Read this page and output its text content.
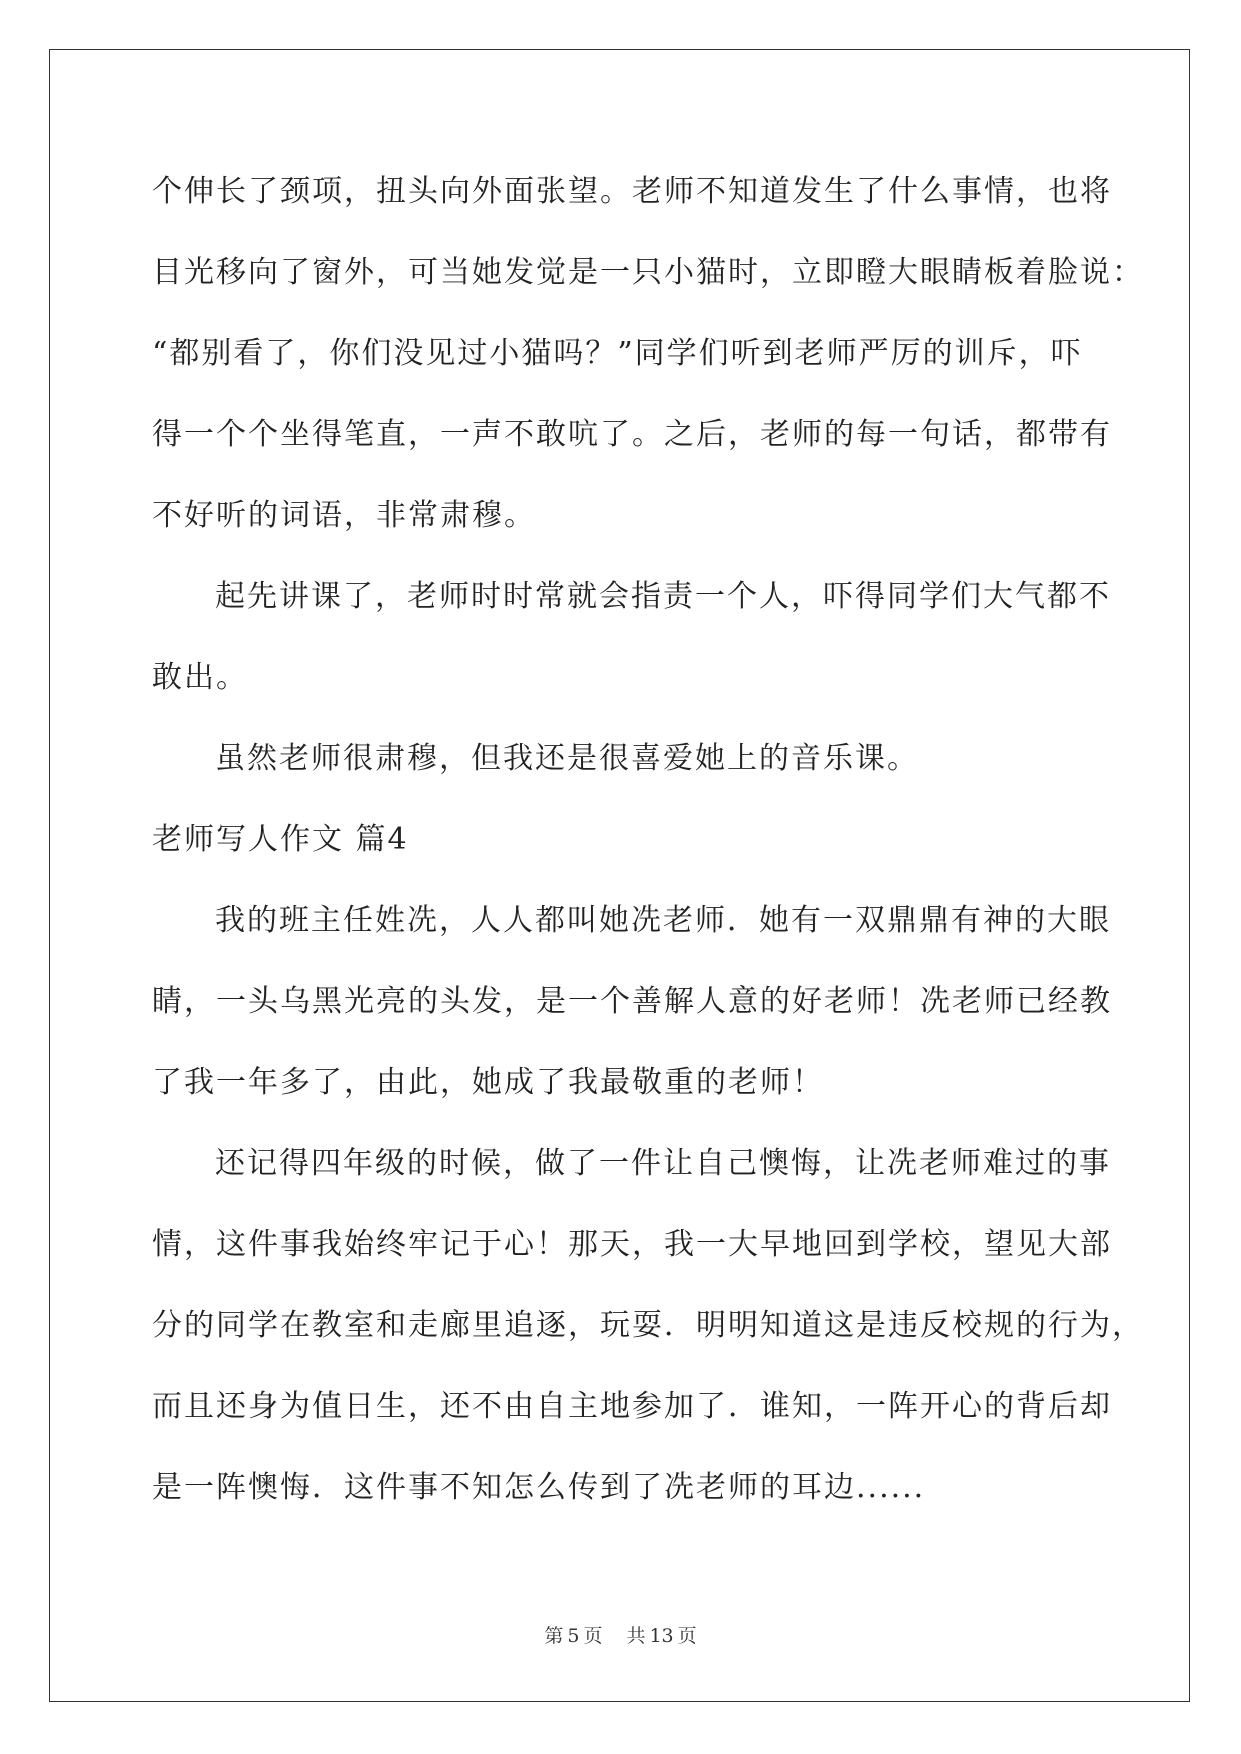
个伸长了颈项，扭头向外面张望。老师不知道发生了什么事情，也将
目光移向了窗外，可当她发觉是一只小猫时，立即瞪大眼睛板着脸说：
“都别看了，你们没见过小猫吗？”同学们听到老师严厉的训斥，吓
得一个个坐得笔直，一声不敢吭了。之后，老师的每一句话，都带有
不好听的词语，非常肃穆。
起先讲课了，老师时时常就会指责一个人，吓得同学们大气都不
敢出。
虽然老师很肃穆，但我还是很喜爱她上的音乐课。
老师写人作文 篇4
我的班主任姓冼，人人都叫她冼老师．她有一双鼎鼎有神的大眼
睛，一头乌黑光亮的头发，是一个善解人意的好老师！冼老师已经教
了我一年多了，由此，她成了我最敬重的老师！
还记得四年级的时候，做了一件让自己懊悔，让冼老师难过的事
情，这件事我始终牢记于心！那天，我一大早地回到学校，望见大部
分的同学在教室和走廊里追逐，玩耍．明明知道这是违反校规的行为，
而且还身为值日生，还不由自主地参加了．谁知，一阵开心的背后却
是一阵懊悔．这件事不知怎么传到了冼老师的耳边......
第 5 页 共 13 页
